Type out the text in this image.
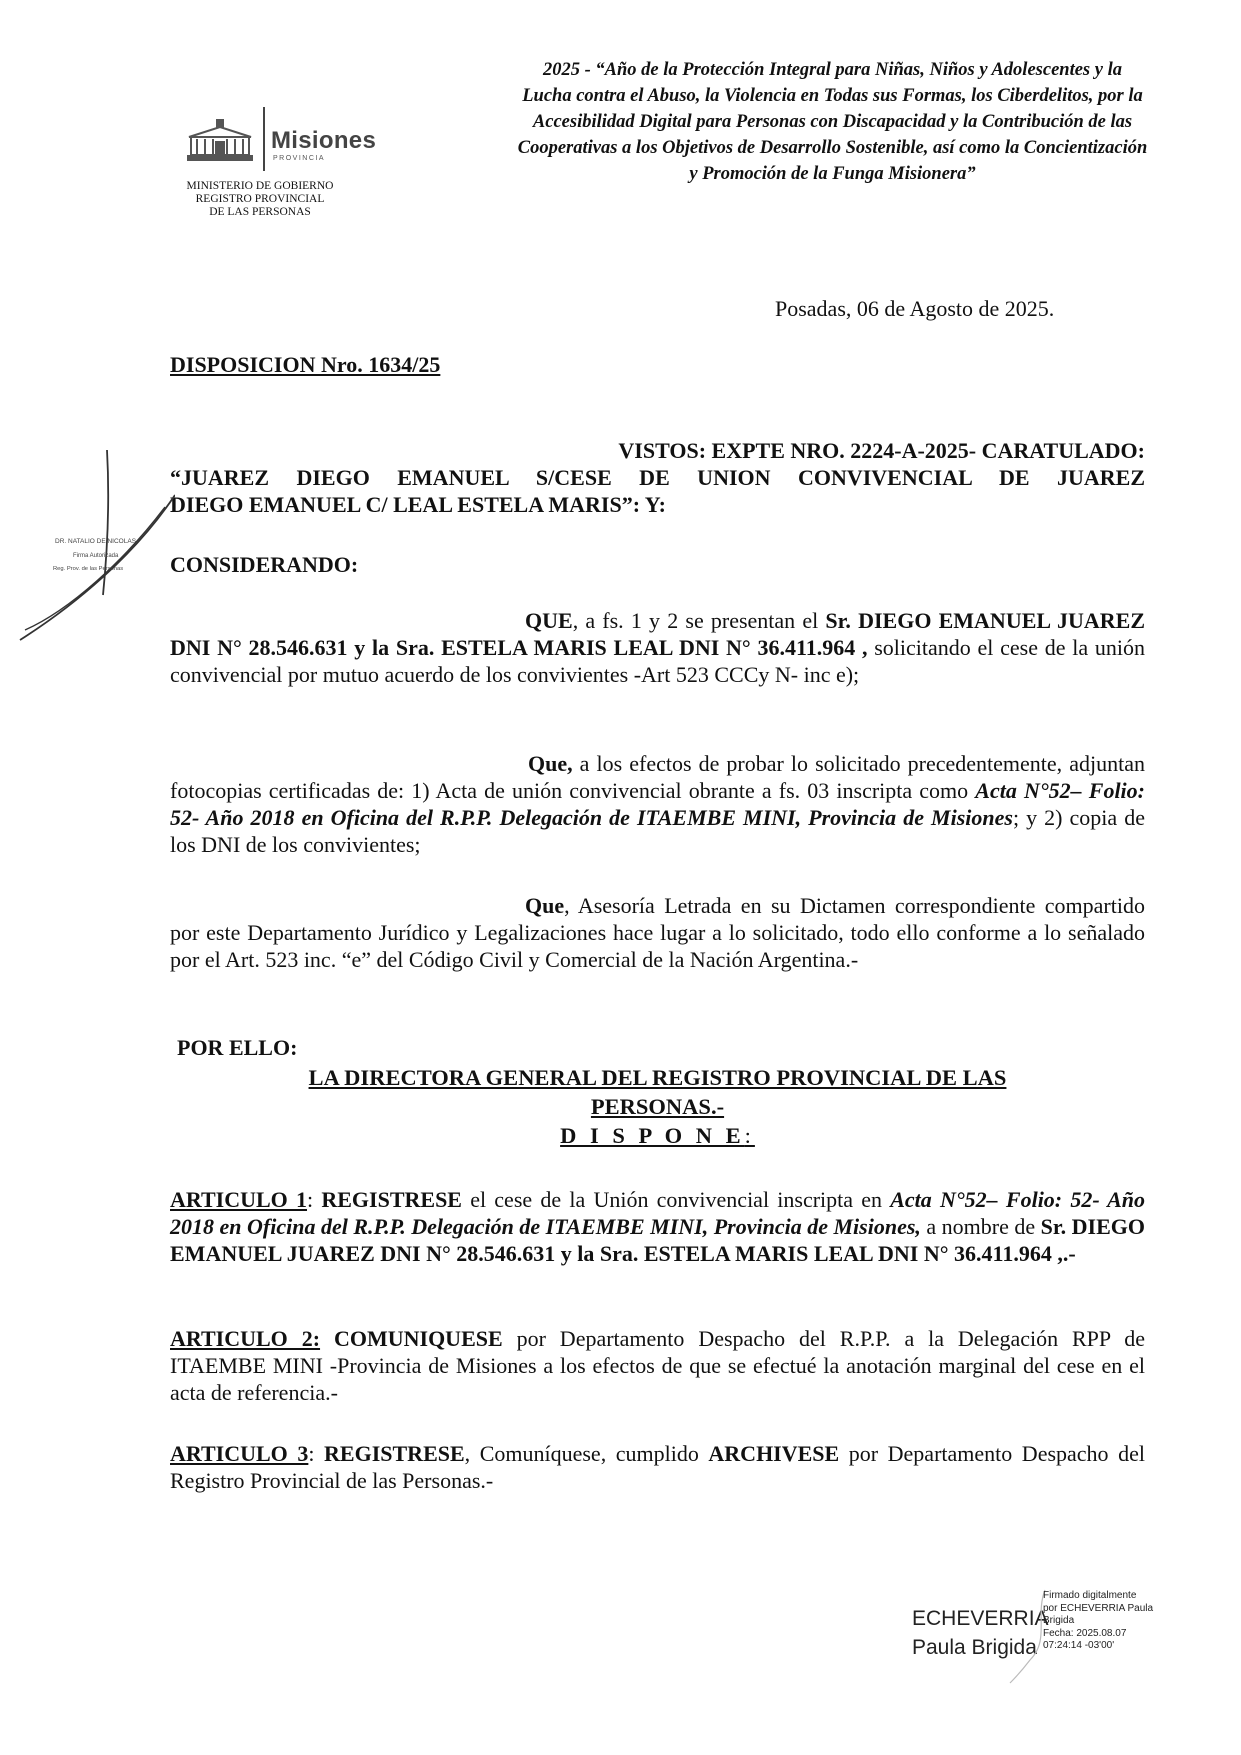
Misiones
PROVINCIA
MINISTERIO DE GOBIERNO
REGISTRO PROVINCIAL
DE LAS PERSONAS
2025 - “Año de la Protección Integral para Niñas, Niños y Adolescentes y la
Lucha contra el Abuso, la Violencia en Todas sus Formas, los Ciberdelitos, por la
Accesibilidad Digital para Personas con Discapacidad y la Contribución de las
Cooperativas a los Objetivos de Desarrollo Sostenible, así como la Concientización
y Promoción de la Funga Misionera”
Posadas, 06 de Agosto de 2025.
DISPOSICION Nro. 1634/25
VISTOS: EXPTE NRO. 2224-A-2025- CARATULADO:
“JUAREZ DIEGO EMANUEL S/CESE DE UNION CONVIVENCIAL DE JUAREZ
DIEGO EMANUEL C/ LEAL ESTELA MARIS”: Y:
CONSIDERANDO:
QUE, a fs. 1 y 2 se presentan el Sr. DIEGO EMANUEL JUAREZ DNI N° 28.546.631 y la Sra. ESTELA MARIS LEAL DNI N° 36.411.964 , solicitando el cese de la unión convivencial por mutuo acuerdo de los convivientes -Art 523 CCCy N- inc e);
Que, a los efectos de probar lo solicitado precedentemente, adjuntan fotocopias certificadas de: 1) Acta de unión convivencial obrante a fs. 03 inscripta como Acta N°52– Folio: 52- Año 2018 en Oficina del R.P.P. Delegación de ITAEMBE MINI, Provincia de Misiones; y 2) copia de los DNI de los convivientes;
Que, Asesoría Letrada en su Dictamen correspondiente compartido por este Departamento Jurídico y Legalizaciones hace lugar a lo solicitado, todo ello conforme a lo señalado por el Art. 523 inc. “e” del Código Civil y Comercial de la Nación Argentina.-
POR ELLO:
LA DIRECTORA GENERAL DEL REGISTRO PROVINCIAL DE LAS
PERSONAS.-
D I S P O N E:
ARTICULO 1: REGISTRESE el cese de la Unión convivencial inscripta en Acta N°52– Folio: 52- Año 2018 en Oficina del R.P.P. Delegación de ITAEMBE MINI, Provincia de Misiones, a nombre de Sr. DIEGO EMANUEL JUAREZ DNI N° 28.546.631 y la Sra. ESTELA MARIS LEAL DNI N° 36.411.964 ,.-
ARTICULO 2: COMUNIQUESE por Departamento Despacho del R.P.P. a la Delegación RPP de ITAEMBE MINI -Provincia de Misiones a los efectos de que se efectué la anotación marginal del cese en el acta de referencia.-
ARTICULO 3: REGISTRESE, Comuníquese, cumplido ARCHIVESE por Departamento Despacho del Registro Provincial de las Personas.-
DR. NATALIO DE NICOLAS
Firma Autorizada
Reg. Prov. de las Personas
ECHEVERRIA
Paula Brigida
Firmado digitalmente
por ECHEVERRIA Paula
Brigida
Fecha: 2025.08.07
07:24:14 -03'00'
